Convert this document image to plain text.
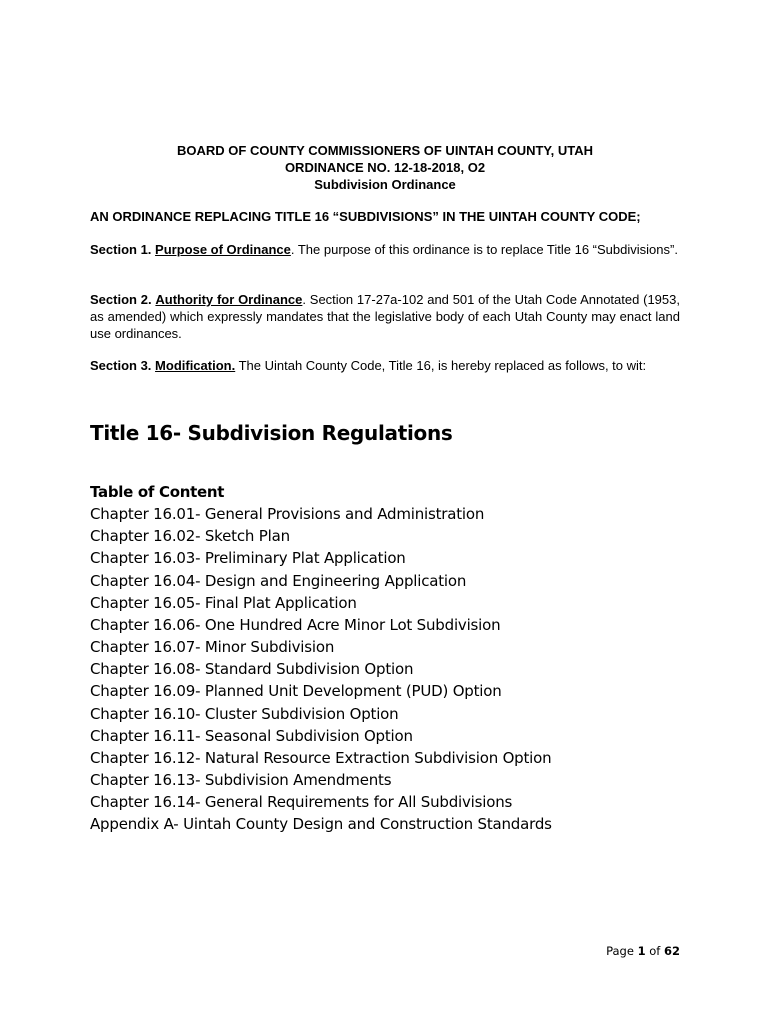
BOARD OF COUNTY COMMISSIONERS OF UINTAH COUNTY, UTAH
ORDINANCE NO. 12-18-2018, O2
Subdivision Ordinance
AN ORDINANCE REPLACING TITLE 16 “SUBDIVISIONS” IN THE UINTAH COUNTY CODE;
Section 1. Purpose of Ordinance. The purpose of this ordinance is to replace Title 16 “Subdivisions”.
Section 2. Authority for Ordinance. Section 17-27a-102 and 501 of the Utah Code Annotated (1953, as amended) which expressly mandates that the legislative body of each Utah County may enact land use ordinances.
Section 3. Modification. The Uintah County Code, Title 16, is hereby replaced as follows, to wit:
Title 16- Subdivision Regulations
Table of Content
Chapter 16.01- General Provisions and Administration
Chapter 16.02- Sketch Plan
Chapter 16.03- Preliminary Plat Application
Chapter 16.04- Design and Engineering Application
Chapter 16.05- Final Plat Application
Chapter 16.06- One Hundred Acre Minor Lot Subdivision
Chapter 16.07- Minor Subdivision
Chapter 16.08- Standard Subdivision Option
Chapter 16.09- Planned Unit Development (PUD) Option
Chapter 16.10- Cluster Subdivision Option
Chapter 16.11- Seasonal Subdivision Option
Chapter 16.12- Natural Resource Extraction Subdivision Option
Chapter 16.13- Subdivision Amendments
Chapter 16.14- General Requirements for All Subdivisions
Appendix A- Uintah County Design and Construction Standards
Page 1 of 62
